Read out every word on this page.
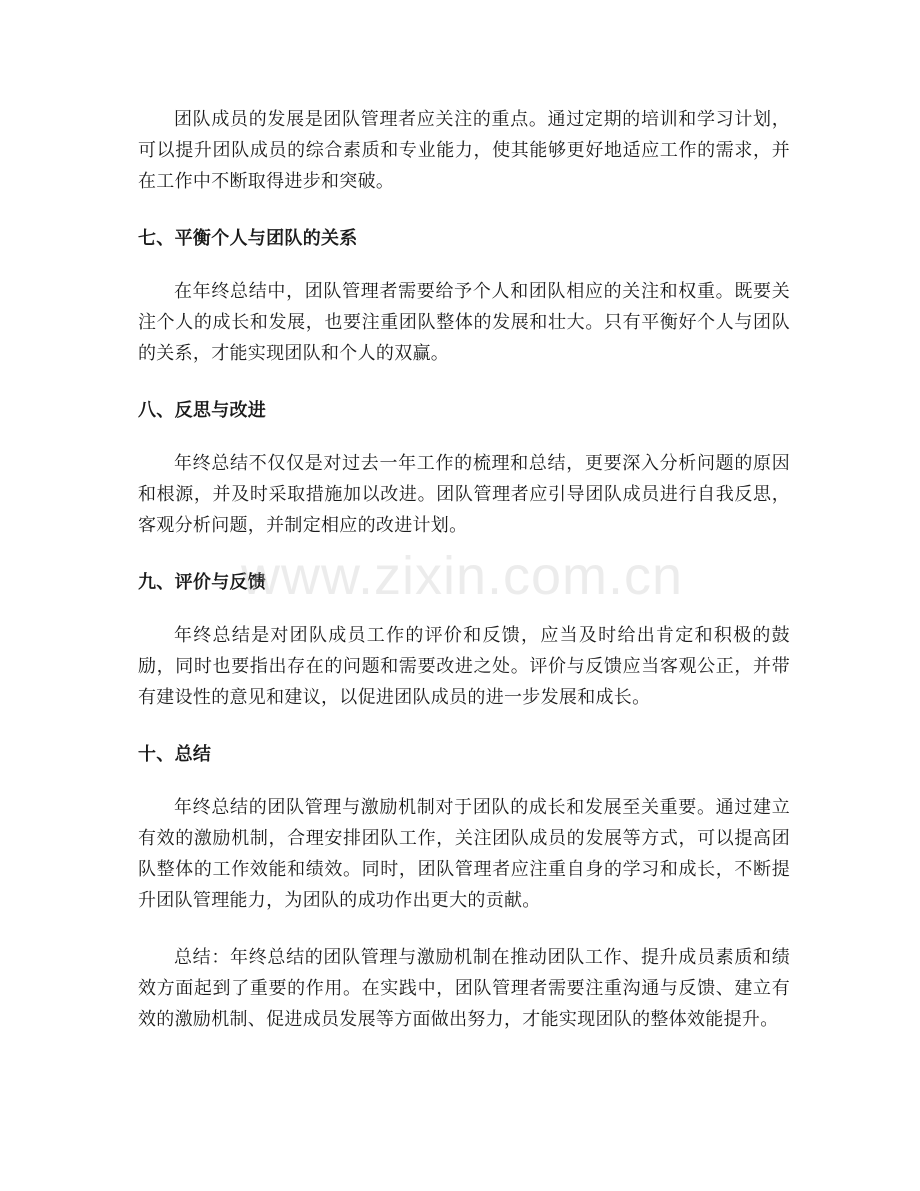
团队成员的发展是团队管理者应关注的重点。通过定期的培训和学习计划，可以提升团队成员的综合素质和专业能力，使其能够更好地适应工作的需求，并在工作中不断取得进步和突破。

七、平衡个人与团队的关系

在年终总结中，团队管理者需要给予个人和团队相应的关注和权重。既要关注个人的成长和发展，也要注重团队整体的发展和壮大。只有平衡好个人与团队的关系，才能实现团队和个人的双赢。

八、反思与改进

年终总结不仅仅是对过去一年工作的梳理和总结，更要深入分析问题的原因和根源，并及时采取措施加以改进。团队管理者应引导团队成员进行自我反思，客观分析问题，并制定相应的改进计划。

九、评价与反馈

年终总结是对团队成员工作的评价和反馈，应当及时给出肯定和积极的鼓励，同时也要指出存在的问题和需要改进之处。评价与反馈应当客观公正，并带有建设性的意见和建议，以促进团队成员的进一步发展和成长。

十、总结

年终总结的团队管理与激励机制对于团队的成长和发展至关重要。通过建立有效的激励机制，合理安排团队工作，关注团队成员的发展等方式，可以提高团队整体的工作效能和绩效。同时，团队管理者应注重自身的学习和成长，不断提升团队管理能力，为团队的成功作出更大的贡献。

总结：年终总结的团队管理与激励机制在推动团队工作、提升成员素质和绩效方面起到了重要的作用。在实践中，团队管理者需要注重沟通与反馈、建立有效的激励机制、促进成员发展等方面做出努力，才能实现团队的整体效能提升。

www.zixin.com.cn
